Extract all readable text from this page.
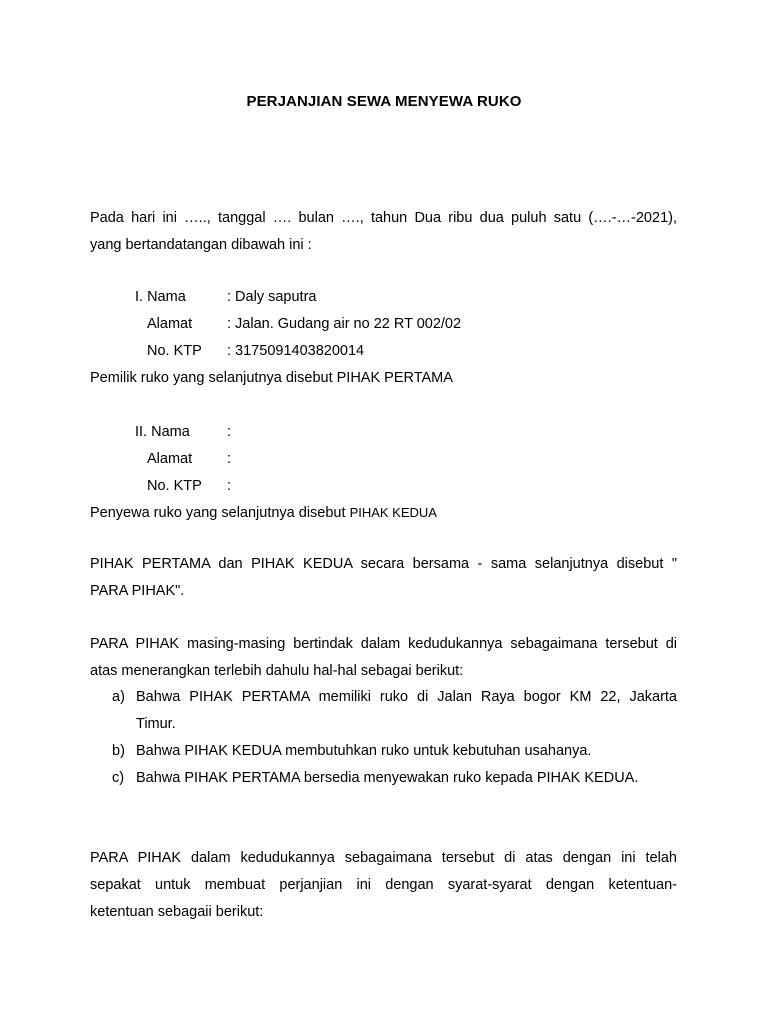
PERJANJIAN SEWA MENYEWA RUKO
Pada hari ini ….., tanggal …. bulan …., tahun Dua ribu dua puluh satu (….-…-2021),
yang bertandatangan dibawah ini :
I. Nama	: Daly saputra
Alamat	: Jalan. Gudang air no 22 RT 002/02
No. KTP	: 3175091403820014
Pemilik ruko yang selanjutnya disebut PIHAK PERTAMA
II. Nama	:
Alamat	:
No. KTP	:
Penyewa ruko yang selanjutnya disebut PIHAK KEDUA
PIHAK PERTAMA dan PIHAK KEDUA secara bersama - sama selanjutnya disebut "
PARA PIHAK".
PARA PIHAK masing-masing bertindak dalam kedudukannya sebagaimana tersebut di
atas menerangkan terlebih dahulu hal-hal sebagai berikut:
a) Bahwa PIHAK PERTAMA memiliki ruko di Jalan Raya bogor KM 22, Jakarta
Timur.
b) Bahwa PIHAK KEDUA membutuhkan ruko untuk kebutuhan usahanya.
c) Bahwa PIHAK PERTAMA bersedia menyewakan ruko kepada PIHAK KEDUA.
PARA PIHAK dalam kedudukannya sebagaimana tersebut di atas dengan ini telah
sepakat untuk membuat perjanjian ini dengan syarat-syarat dengan ketentuan-
ketentuan sebagaii berikut:
